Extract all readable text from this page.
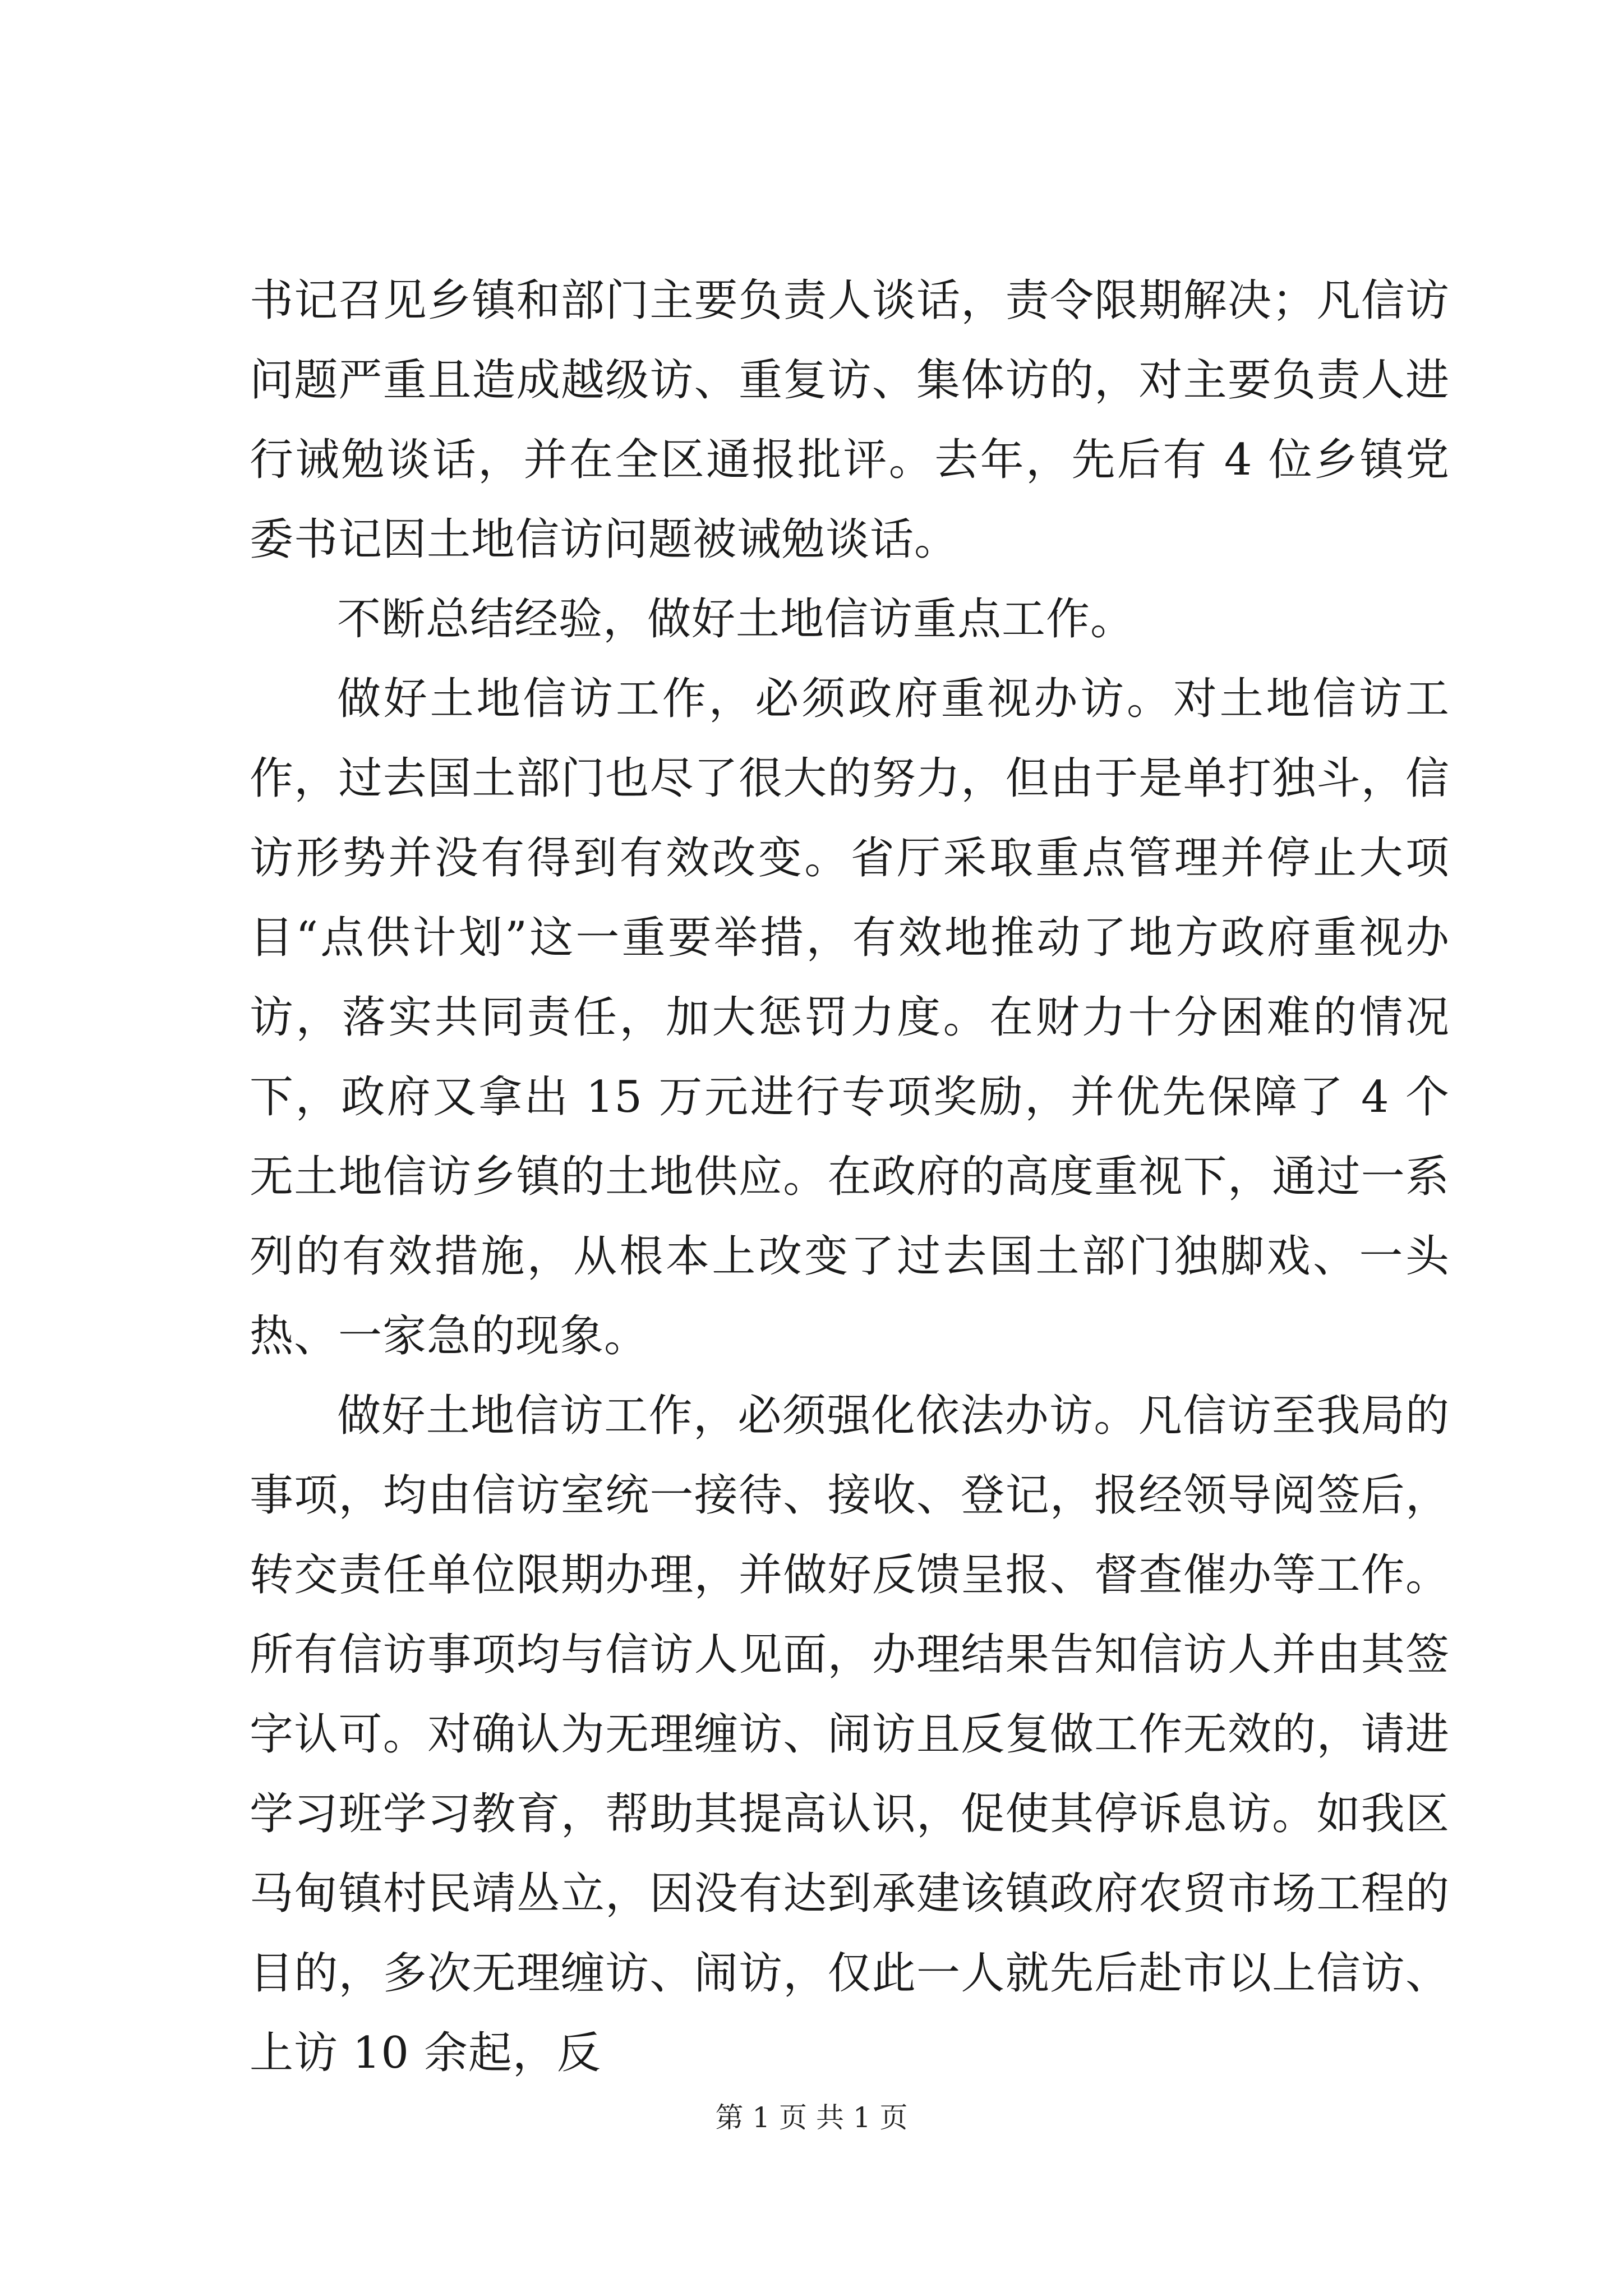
书记召见乡镇和部门主要负责人谈话，责令限期解决；凡信访问题严重且造成越级访、重复访、集体访的，对主要负责人进行诫勉谈话，并在全区通报批评。去年，先后有 4 位乡镇党委书记因土地信访问题被诫勉谈话。

不断总结经验，做好土地信访重点工作。

做好土地信访工作，必须政府重视办访。对土地信访工作，过去国土部门也尽了很大的努力，但由于是单打独斗，信访形势并没有得到有效改变。省厅采取重点管理并停止大项目“点供计划”这一重要举措，有效地推动了地方政府重视办访，落实共同责任，加大惩罚力度。在财力十分困难的情况下，政府又拿出 15 万元进行专项奖励，并优先保障了 4 个无土地信访乡镇的土地供应。在政府的高度重视下，通过一系列的有效措施，从根本上改变了过去国土部门独脚戏、一头热、一家急的现象。

做好土地信访工作，必须强化依法办访。凡信访至我局的事项，均由信访室统一接待、接收、登记，报经领导阅签后，转交责任单位限期办理，并做好反馈呈报、督查催办等工作。所有信访事项均与信访人见面，办理结果告知信访人并由其签字认可。对确认为无理缠访、闹访且反复做工作无效的，请进学习班学习教育，帮助其提高认识，促使其停诉息访。如我区马甸镇村民靖丛立，因没有达到承建该镇政府农贸市场工程的目的，多次无理缠访、闹访，仅此一人就先后赴市以上信访、上访 10 余起，反

第 1 页 共 1 页
